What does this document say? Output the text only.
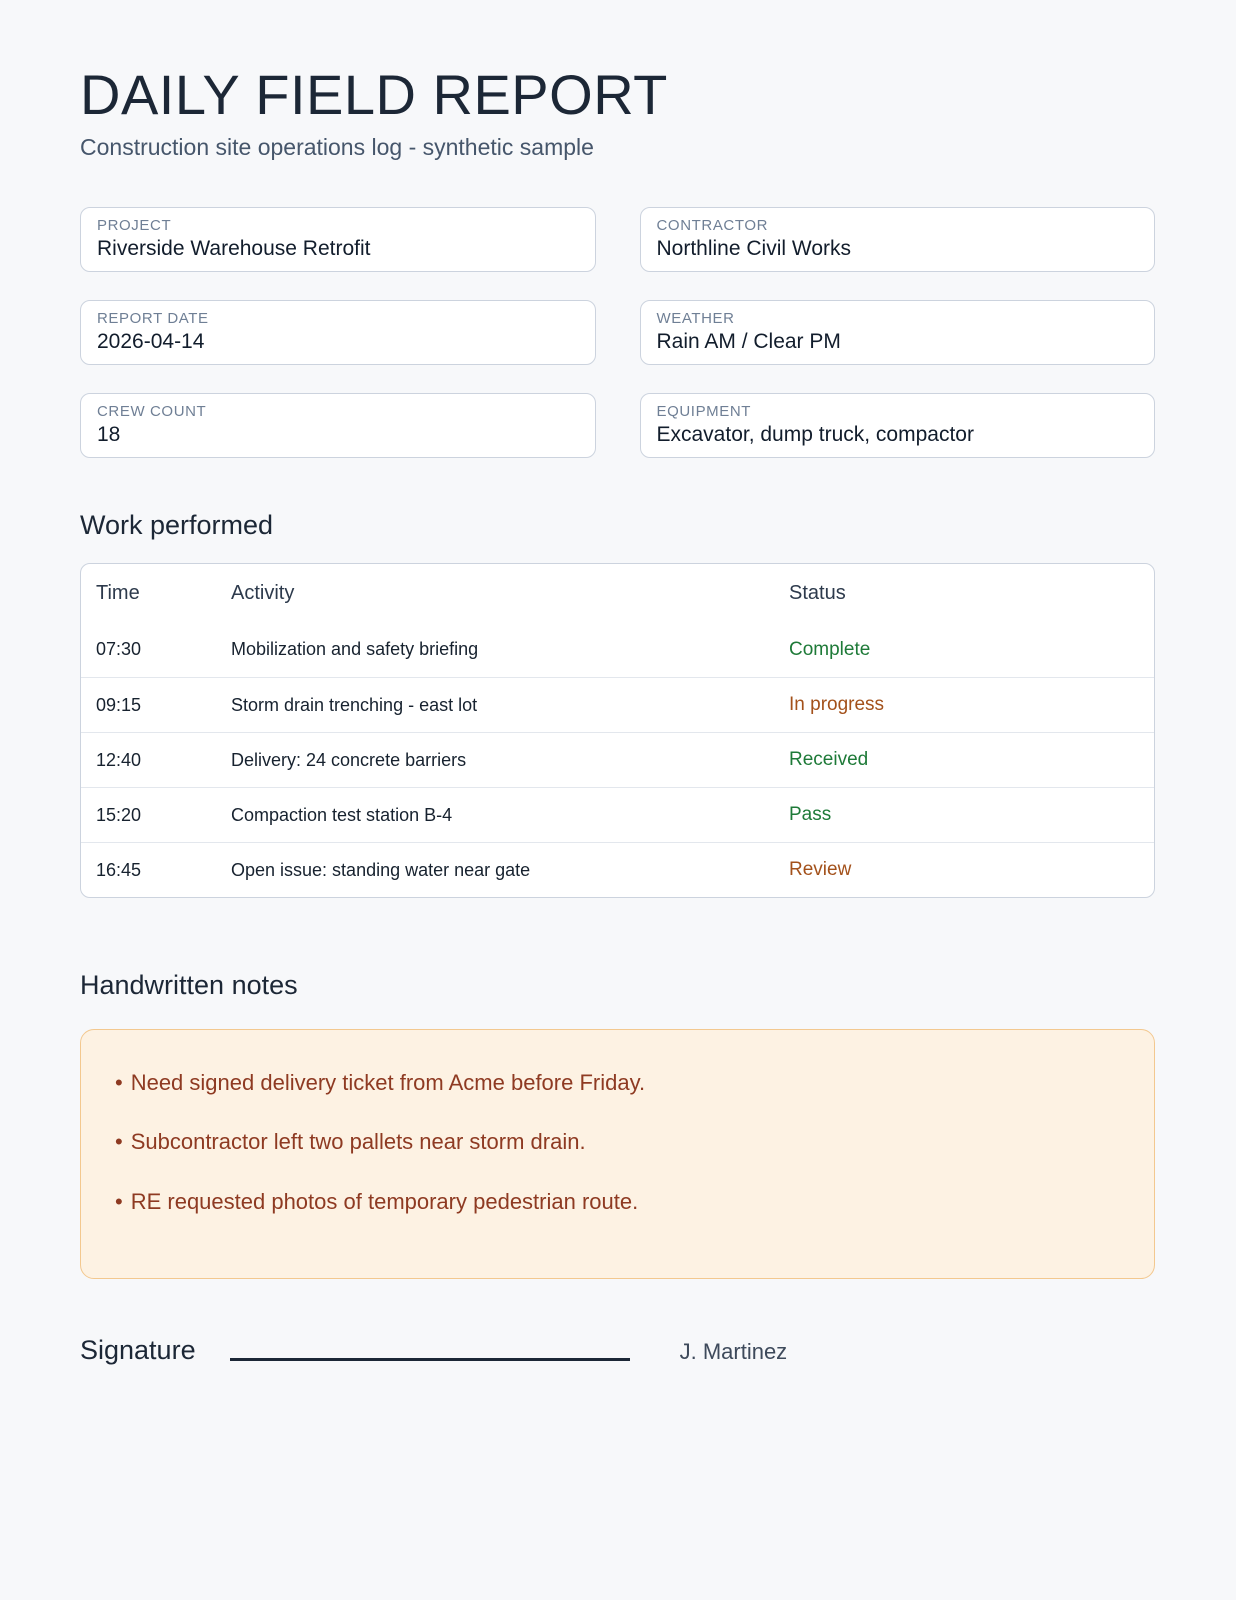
DAILY FIELD REPORT
Construction site operations log - synthetic sample
PROJECT
Riverside Warehouse Retrofit
CONTRACTOR
Northline Civil Works
REPORT DATE
2026-04-14
WEATHER
Rain AM / Clear PM
CREW COUNT
18
EQUIPMENT
Excavator, dump truck, compactor
Work performed
Time	Activity	Status
07:30	Mobilization and safety briefing	Complete
09:15	Storm drain trenching - east lot	In progress
12:40	Delivery: 24 concrete barriers	Received
15:20	Compaction test station B-4	Pass
16:45	Open issue: standing water near gate	Review
Handwritten notes
• Need signed delivery ticket from Acme before Friday.
• Subcontractor left two pallets near storm drain.
• RE requested photos of temporary pedestrian route.
Signature	J. Martinez
